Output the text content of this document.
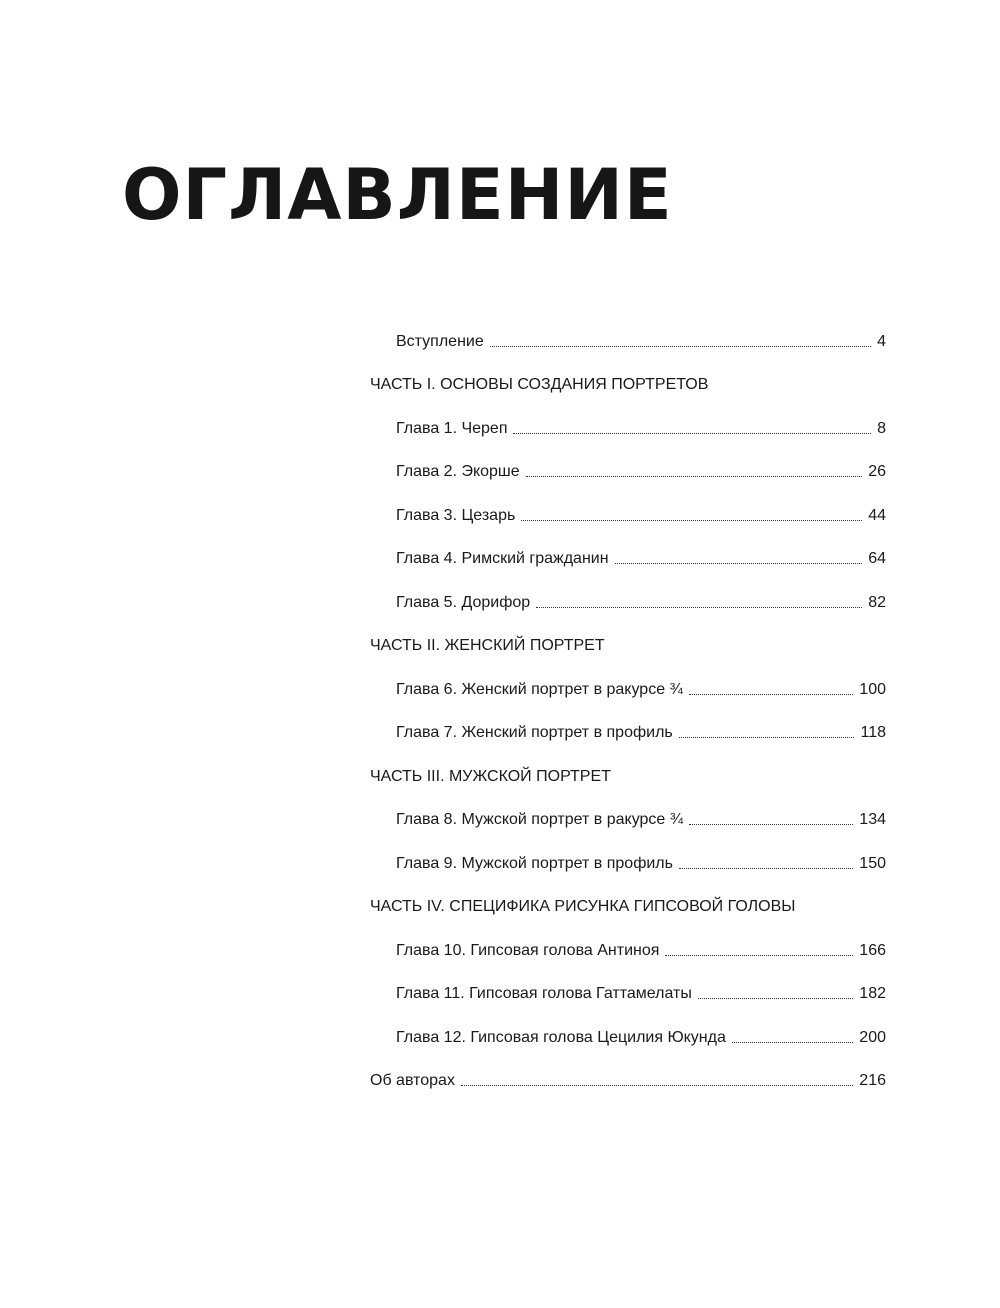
ОГЛАВЛЕНИЕ
Вступление	4
ЧАСТЬ I. ОСНОВЫ СОЗДАНИЯ ПОРТРЕТОВ
Глава 1. Череп	8
Глава 2. Экорше	26
Глава 3. Цезарь	44
Глава 4. Римский гражданин	64
Глава 5. Дорифор	82
ЧАСТЬ II. ЖЕНСКИЙ ПОРТРЕТ
Глава 6. Женский портрет в ракурсе ¾	100
Глава 7. Женский портрет в профиль	118
ЧАСТЬ III. МУЖСКОЙ ПОРТРЕТ
Глава 8. Мужской портрет в ракурсе ¾	134
Глава 9. Мужской портрет в профиль	150
ЧАСТЬ IV. СПЕЦИФИКА РИСУНКА ГИПСОВОЙ ГОЛОВЫ
Глава 10. Гипсовая голова Антиноя	166
Глава 11. Гипсовая голова Гаттамелаты	182
Глава 12. Гипсовая голова Цецилия Юкунда	200
Об авторах	216
